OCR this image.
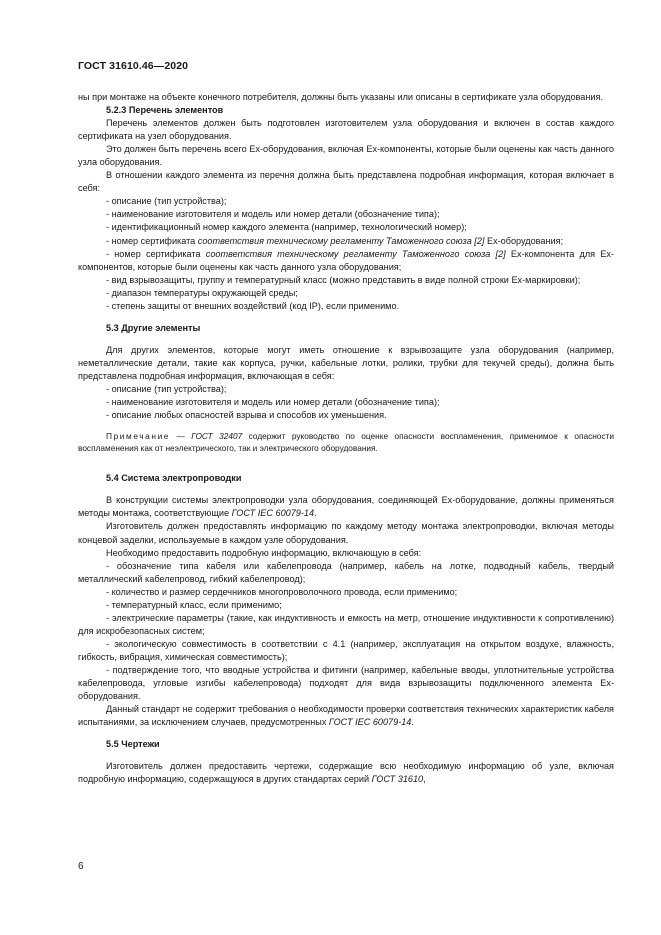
ГОСТ 31610.46—2020

ны при монтаже на объекте конечного потребителя, должны быть указаны или описаны в сертификате узла оборудования.

5.2.3 Перечень элементов

Перечень элементов должен быть подготовлен изготовителем узла оборудования и включен в состав каждого сертификата на узел оборудования.

Это должен быть перечень всего Ex-оборудования, включая Ex-компоненты, которые были оценены как часть данного узла оборудования.

В отношении каждого элемента из перечня должна быть представлена подробная информация, которая включает в себя:

- описание (тип устройства);

- наименование изготовителя и модель или номер детали (обозначение типа);

- идентификационный номер каждого элемента (например, технологический номер);

- номер сертификата соответствия техническому регламенту Таможенного союза [2] Ex-оборудования;

- номер сертификата соответствия техническому регламенту Таможенного союза [2] Ex-компонента для Ex-компонентов, которые были оценены как часть данного узла оборудования;

- вид взрывозащиты, группу и температурный класс (можно представить в виде полной строки Ex-маркировки);

- диапазон температуры окружающей среды;

- степень защиты от внешних воздействий (код IP), если применимо.

5.3 Другие элементы

Для других элементов, которые могут иметь отношение к взрывозащите узла оборудования (например, неметаллические детали, такие как корпуса, ручки, кабельные лотки, ролики, трубки для текучей среды), должна быть представлена подробная информация, включающая в себя:

- описание (тип устройства);

- наименование изготовителя и модель или номер детали (обозначение типа);

- описание любых опасностей взрыва и способов их уменьшения.

Примечание — ГОСТ 32407 содержит руководство по оценке опасности воспламенения, применимое к опасности воспламенения как от неэлектрического, так и электрического оборудования.

5.4 Система электропроводки

В конструкции системы электропроводки узла оборудования, соединяющей Ex-оборудование, должны применяться методы монтажа, соответствующие ГОСТ IEC 60079-14.

Изготовитель должен предоставлять информацию по каждому методу монтажа электропроводки, включая методы концевой заделки, используемые в каждом узле оборудования.

Необходимо предоставить подробную информацию, включающую в себя:

- обозначение типа кабеля или кабелепровода (например, кабель на лотке, подводный кабель, твердый металлический кабелепровод, гибкий кабелепровод);

- количество и размер сердечников многопроволочного провода, если применимо;

- температурный класс, если применимо;

- электрические параметры (такие, как индуктивность и емкость на метр, отношение индуктивности к сопротивлению) для искробезопасных систем;

- экологическую совместимость в соответствии с 4.1 (например, эксплуатация на открытом воздухе, влажность, гибкость, вибрация, химическая совместимость);

- подтверждение того, что вводные устройства и фитинги (например, кабельные вводы, уплотнительные устройства кабелепровода, угловые изгибы кабелепровода) подходят для вида взрывозащиты подключенного элемента Ex-оборудования.

Данный стандарт не содержит требования о необходимости проверки соответствия технических характеристик кабеля испытаниями, за исключением случаев, предусмотренных ГОСТ IEC 60079-14.

5.5 Чертежи

Изготовитель должен предоставить чертежи, содержащие всю необходимую информацию об узле, включая подробную информацию, содержащуюся в других стандартах серий ГОСТ 31610,

6
